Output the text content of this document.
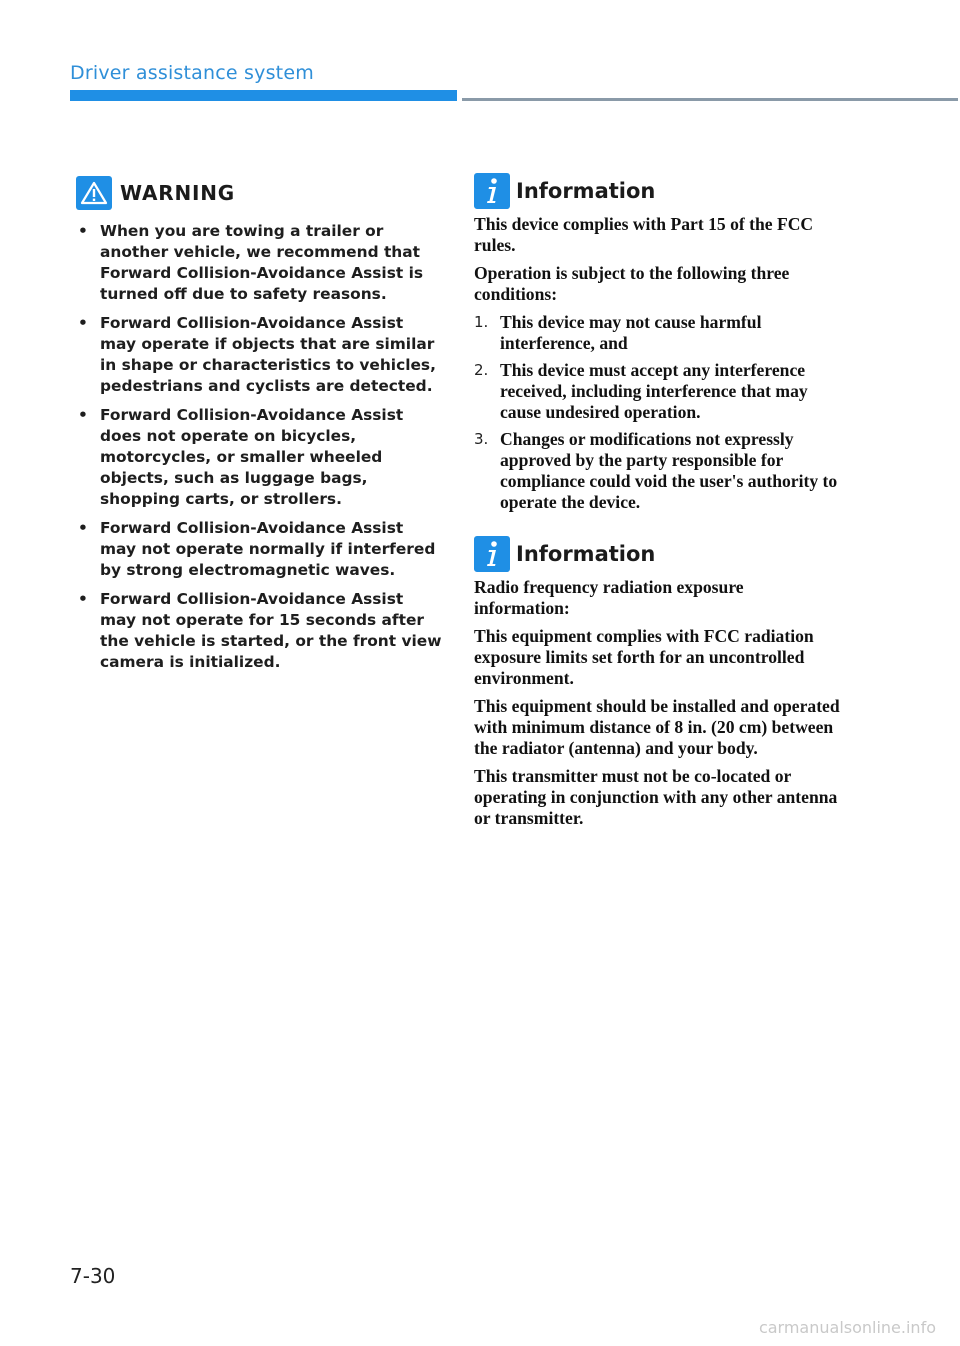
Driver assistance system
WARNING
• When you are towing a trailer or another vehicle, we recommend that Forward Collision-Avoidance Assist is turned off due to safety reasons.
• Forward Collision-Avoidance Assist may operate if objects that are similar in shape or characteristics to vehicles, pedestrians and cyclists are detected.
• Forward Collision-Avoidance Assist does not operate on bicycles, motorcycles, or smaller wheeled objects, such as luggage bags, shopping carts, or strollers.
• Forward Collision-Avoidance Assist may not operate normally if interfered by strong electromagnetic waves.
• Forward Collision-Avoidance Assist may not operate for 15 seconds after the vehicle is started, or the front view camera is initialized.
Information

This device complies with Part 15 of the FCC rules.

Operation is subject to the following three conditions:

1. This device may not cause harmful interference, and
2. This device must accept any interference received, including interference that may cause undesired operation.
3. Changes or modifications not expressly approved by the party responsible for compliance could void the user's authority to operate the device.
Information

Radio frequency radiation exposure information:

This equipment complies with FCC radiation exposure limits set forth for an uncontrolled environment.

This equipment should be installed and operated with minimum distance of 8 in. (20 cm) between the radiator (antenna) and your body.

This transmitter must not be co-located or operating in conjunction with any other antenna or transmitter.

7-30
carmanualsonline.info
